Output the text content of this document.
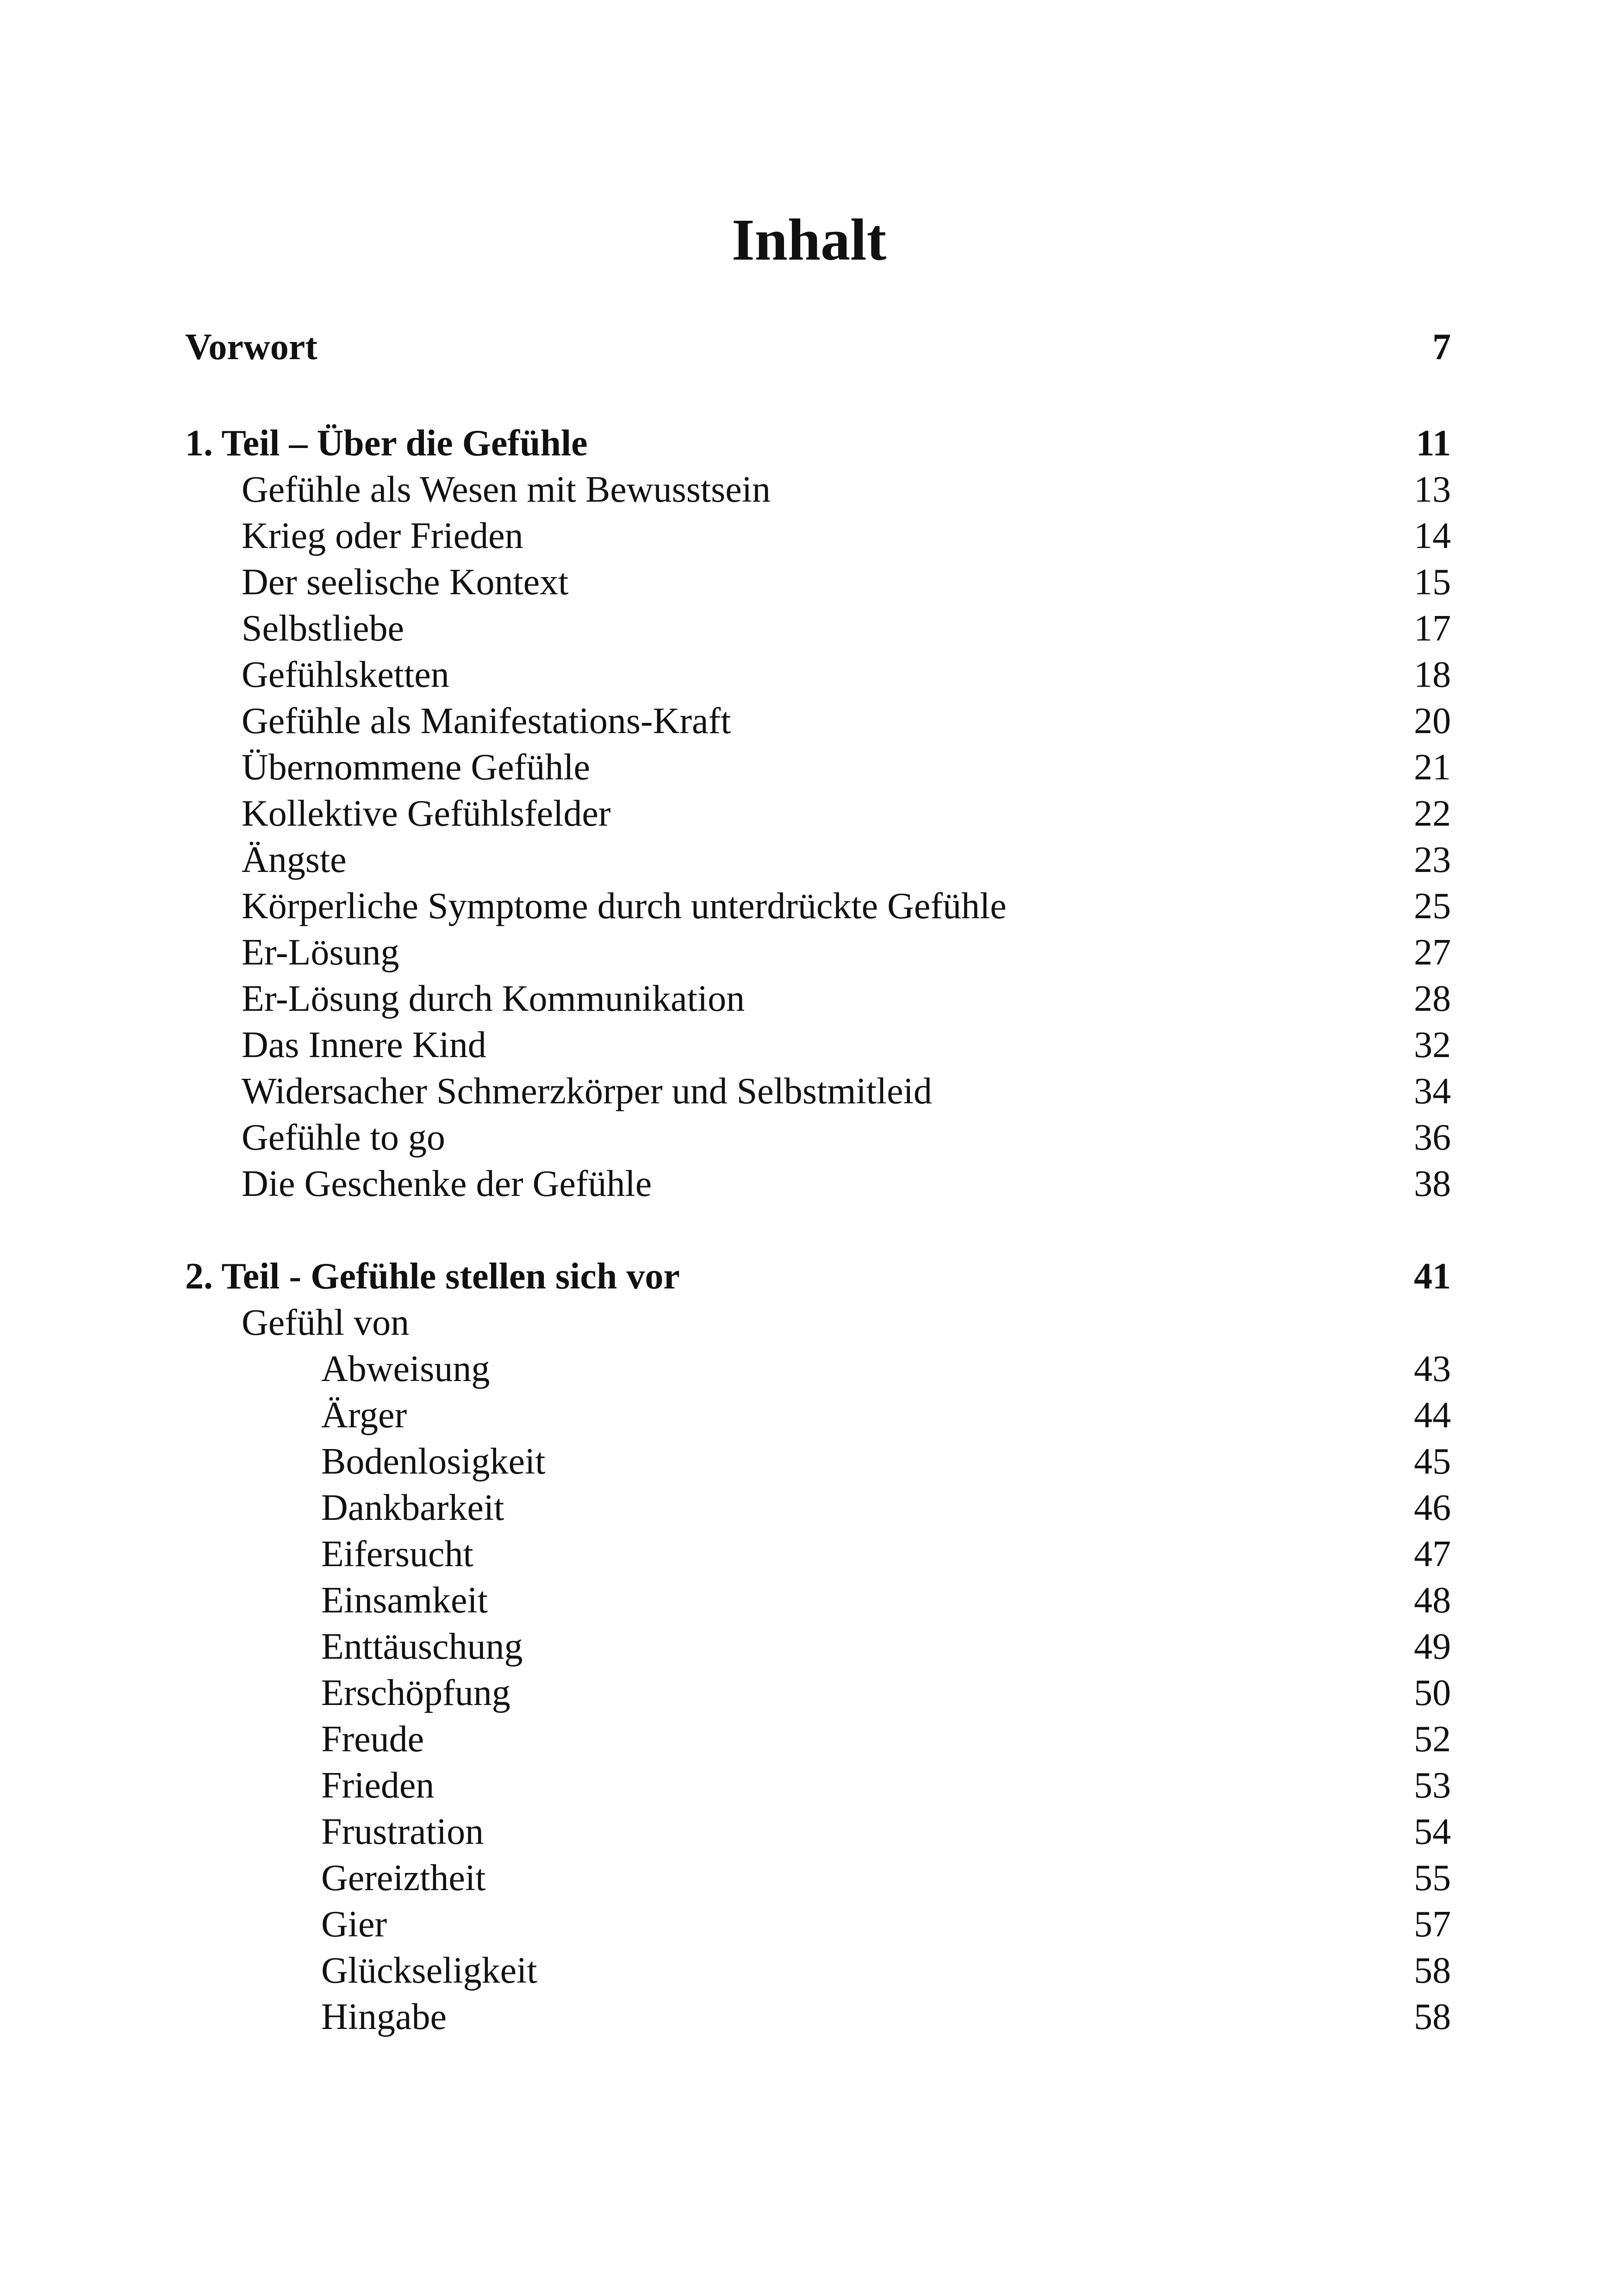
Inhalt
Vorwort	7
1. Teil – Über die Gefühle	11
Gefühle als Wesen mit Bewusstsein	13
Krieg oder Frieden	14
Der seelische Kontext	15
Selbstliebe	17
Gefühlsketten	18
Gefühle als Manifestations-Kraft	20
Übernommene Gefühle	21
Kollektive Gefühlsfelder	22
Ängste	23
Körperliche Symptome durch unterdrückte Gefühle	25
Er-Lösung	27
Er-Lösung durch Kommunikation	28
Das Innere Kind	32
Widersacher Schmerzkörper und Selbstmitleid	34
Gefühle to go	36
Die Geschenke der Gefühle	38
2. Teil - Gefühle stellen sich vor	41
Gefühl von
Abweisung	43
Ärger	44
Bodenlosigkeit	45
Dankbarkeit	46
Eifersucht	47
Einsamkeit	48
Enttäuschung	49
Erschöpfung	50
Freude	52
Frieden	53
Frustration	54
Gereiztheit	55
Gier	57
Glückseligkeit	58
Hingabe	58
